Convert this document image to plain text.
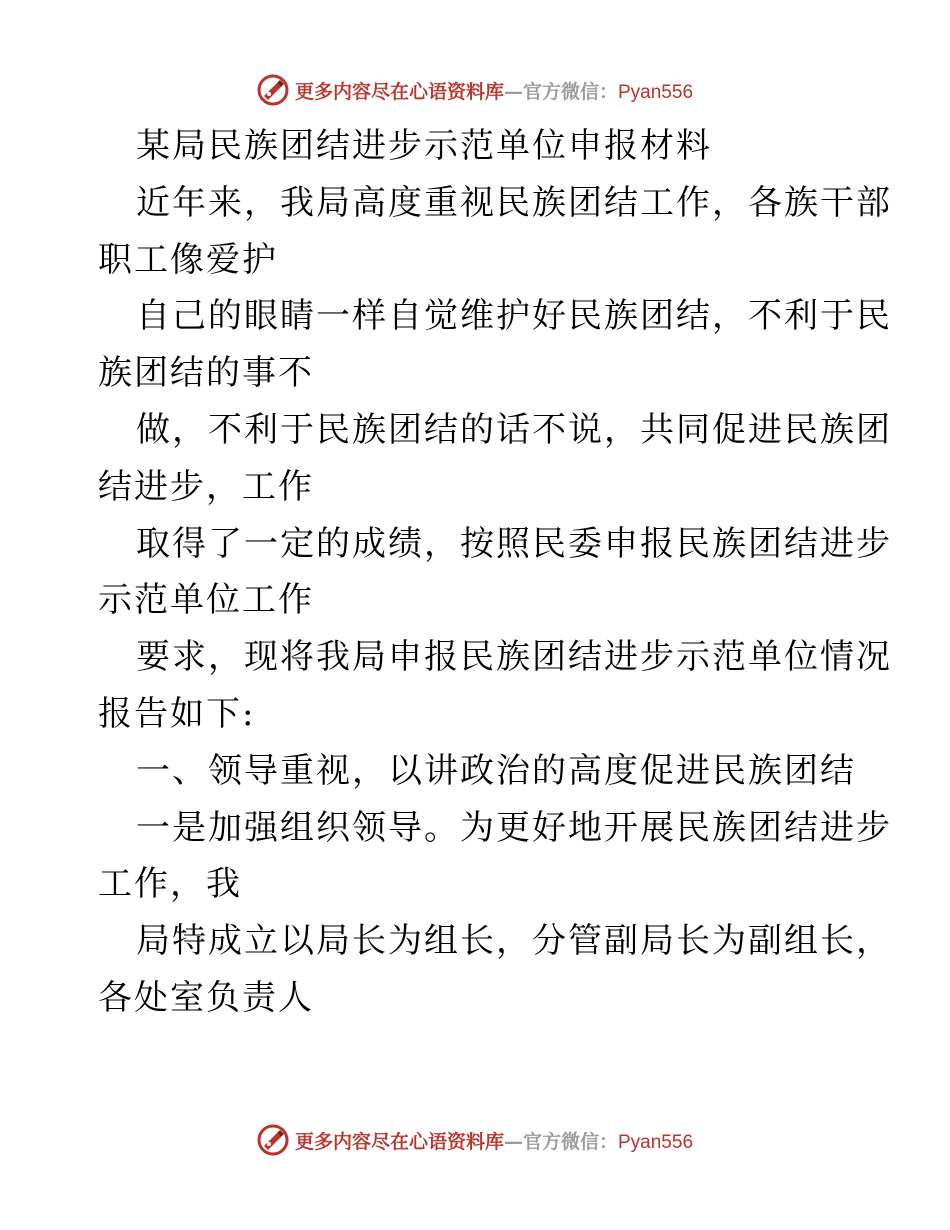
更多内容尽在心语资料库—官方微信：Pyan556
某局民族团结进步示范单位申报材料
近年来，我局高度重视民族团结工作，各族干部
职工像爱护
自己的眼睛一样自觉维护好民族团结，不利于民
族团结的事不
做，不利于民族团结的话不说，共同促进民族团
结进步，工作
取得了一定的成绩，按照民委申报民族团结进步
示范单位工作
要求，现将我局申报民族团结进步示范单位情况
报告如下:
一、领导重视，以讲政治的高度促进民族团结
一是加强组织领导。为更好地开展民族团结进步
工作，我
局特成立以局长为组长，分管副局长为副组长，
各处室负责人
更多内容尽在心语资料库—官方微信：Pyan556
